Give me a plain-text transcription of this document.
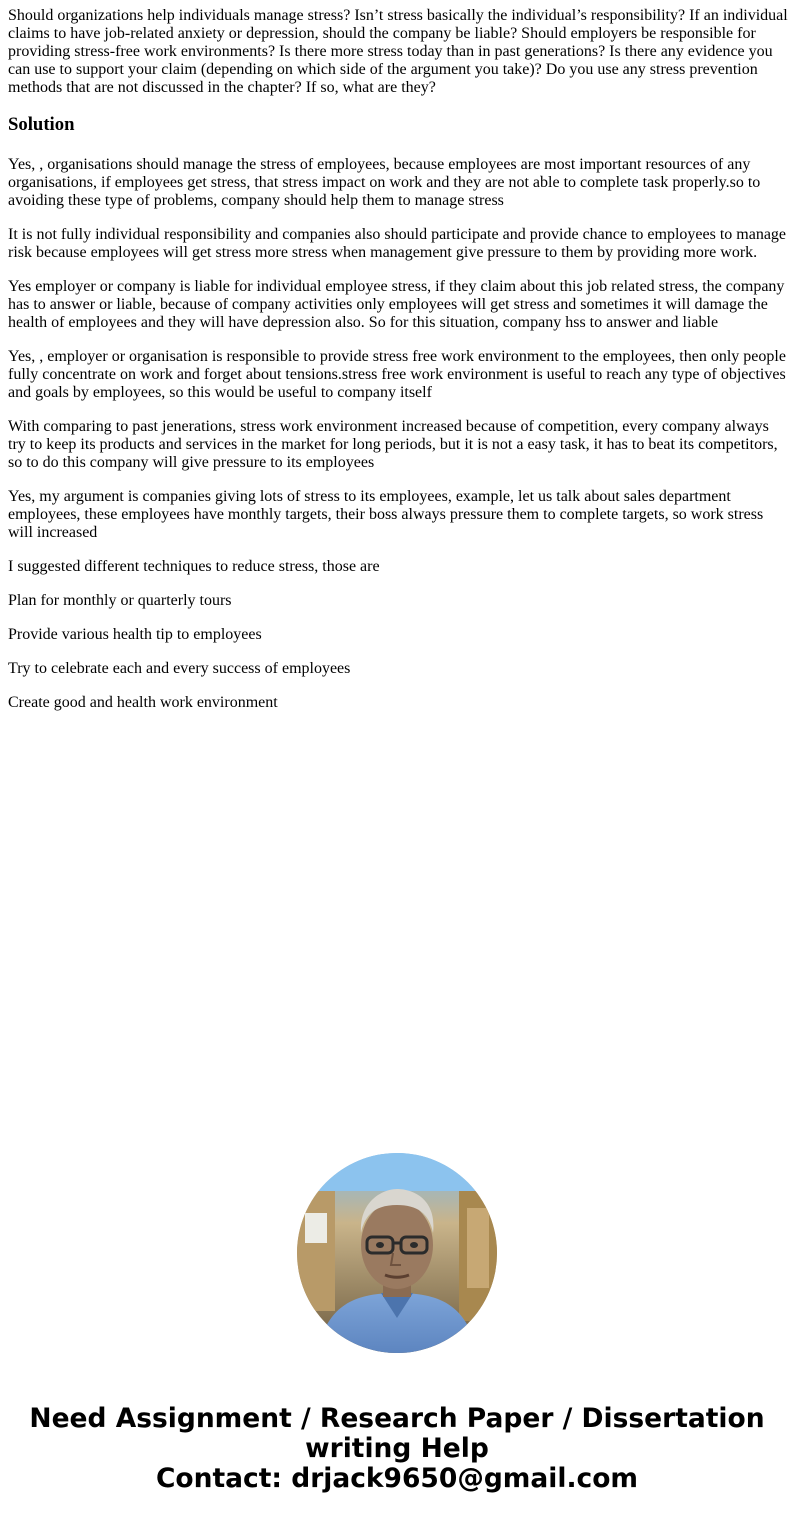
Should organizations help individuals manage stress? Isn’t stress basically the individual’s responsibility? If an individual claims to have job-related anxiety or depression, should the company be liable? Should employers be responsible for providing stress-free work environments? Is there more stress today than in past generations? Is there any evidence you can use to support your claim (depending on which side of the argument you take)? Do you use any stress prevention methods that are not discussed in the chapter? If so, what are they?

Solution

Yes, , organisations should manage the stress of employees, because employees are most important resources of any organisations, if employees get stress, that stress impact on work and they are not able to complete task properly.so to avoiding these type of problems, company should help them to manage stress

It is not fully individual responsibility and companies also should participate and provide chance to employees to manage risk because employees will get stress more stress when management give pressure to them by providing more work.

Yes employer or company is liable for individual employee stress, if they claim about this job related stress, the company has to answer or liable, because of company activities only employees will get stress and sometimes it will damage the health of employees and they will have depression also. So for this situation, company hss to answer and liable

Yes, , employer or organisation is responsible to provide stress free work environment to the employees, then only people fully concentrate on work and forget about tensions.stress free work environment is useful to reach any type of objectives and goals by employees, so this would be useful to company itself

With comparing to past jenerations, stress work environment increased because of competition, every company always try to keep its products and services in the market for long periods, but it is not a easy task, it has to beat its competitors, so to do this company will give pressure to its employees

Yes, my argument is companies giving lots of stress to its employees, example, let us talk about sales department employees, these employees have monthly targets, their boss always pressure them to complete targets, so work stress will increased

I suggested different techniques to reduce stress, those are

Plan for monthly or quarterly tours

Provide various health tip to employees

Try to celebrate each and every success of employees

Create good and health work environment

Need Assignment / Research Paper / Dissertation
writing Help
Contact: drjack9650@gmail.com
